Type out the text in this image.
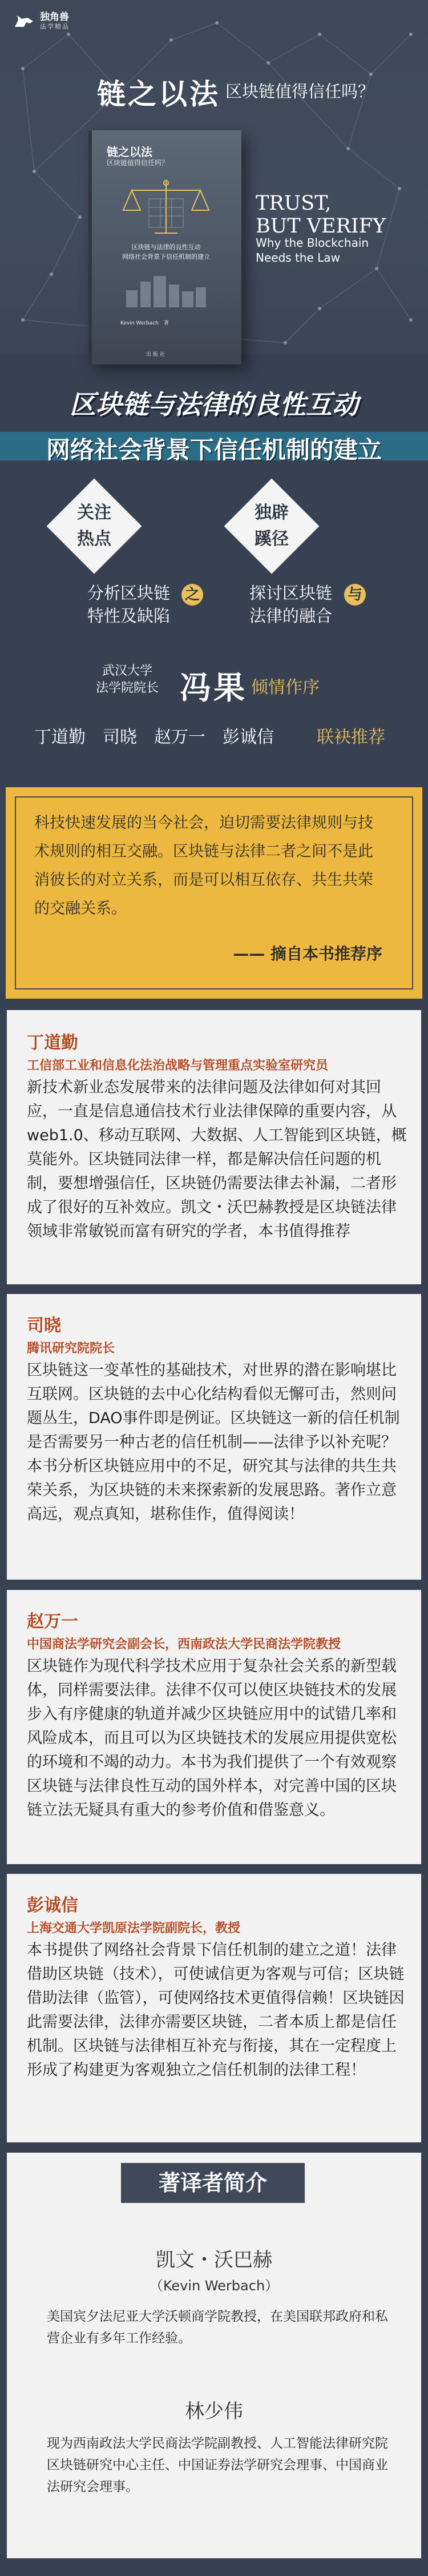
独角兽
法学精品
链之以法 区块链值得信任吗？
链之以法
区块链值得信任吗？
区块链与法律的良性互动
网络社会背景下信任机制的建立
Kevin Werbach　著
出 版 社
TRUST,
BUT VERIFY
Why the Blockchain
Needs the Law
区块链与法律的良性互动
网络社会背景下信任机制的建立
关注
热点
独辟
蹊径
分析区块链
特性及缺陷
探讨区块链
法律的融合
之	与
武汉大学
法学院院长 冯果 倾情作序
丁道勤　司晓　赵万一　彭诚信	联袂推荐
科技快速发展的当今社会，迫切需要法律规则与技术规则的相互交融。区块链与法律二者之间不是此消彼长的对立关系，而是可以相互依存、共生共荣的交融关系。
—— 摘自本书推荐序
丁道勤
工信部工业和信息化法治战略与管理重点实验室研究员
新技术新业态发展带来的法律问题及法律如何对其回应，一直是信息通信技术行业法律保障的重要内容，从web1.0、移动互联网、大数据、人工智能到区块链，概莫能外。区块链同法律一样，都是解决信任问题的机制，要想增强信任，区块链仍需要法律去补漏，二者形成了很好的互补效应。凯文・沃巴赫教授是区块链法律领域非常敏锐而富有研究的学者，本书值得推荐
司晓
腾讯研究院院长
区块链这一变革性的基础技术，对世界的潜在影响堪比互联网。区块链的去中心化结构看似无懈可击，然则问题丛生，DAO事件即是例证。区块链这一新的信任机制是否需要另一种古老的信任机制——法律予以补充呢？本书分析区块链应用中的不足，研究其与法律的共生共荣关系，为区块链的未来探索新的发展思路。著作立意高远，观点真知，堪称佳作，值得阅读！
赵万一
中国商法学研究会副会长，西南政法大学民商法学院教授
区块链作为现代科学技术应用于复杂社会关系的新型载体，同样需要法律。法律不仅可以使区块链技术的发展步入有序健康的轨道并减少区块链应用中的试错几率和风险成本，而且可以为区块链技术的发展应用提供宽松的环境和不竭的动力。本书为我们提供了一个有效观察区块链与法律良性互动的国外样本，对完善中国的区块链立法无疑具有重大的参考价值和借鉴意义。
彭诚信
上海交通大学凯原法学院副院长，教授
本书提供了网络社会背景下信任机制的建立之道！法律借助区块链（技术），可使诚信更为客观与可信；区块链借助法律（监管），可使网络技术更值得信赖！区块链因此需要法律，法律亦需要区块链，二者本质上都是信任机制。区块链与法律相互补充与衔接，其在一定程度上形成了构建更为客观独立之信任机制的法律工程！
著译者简介
凯文・沃巴赫
（Kevin Werbach）
美国宾夕法尼亚大学沃顿商学院教授，在美国联邦政府和私营企业有多年工作经验。
林少伟
现为西南政法大学民商法学院副教授、人工智能法律研究院区块链研究中心主任、中国证券法学研究会理事、中国商业法研究会理事。
